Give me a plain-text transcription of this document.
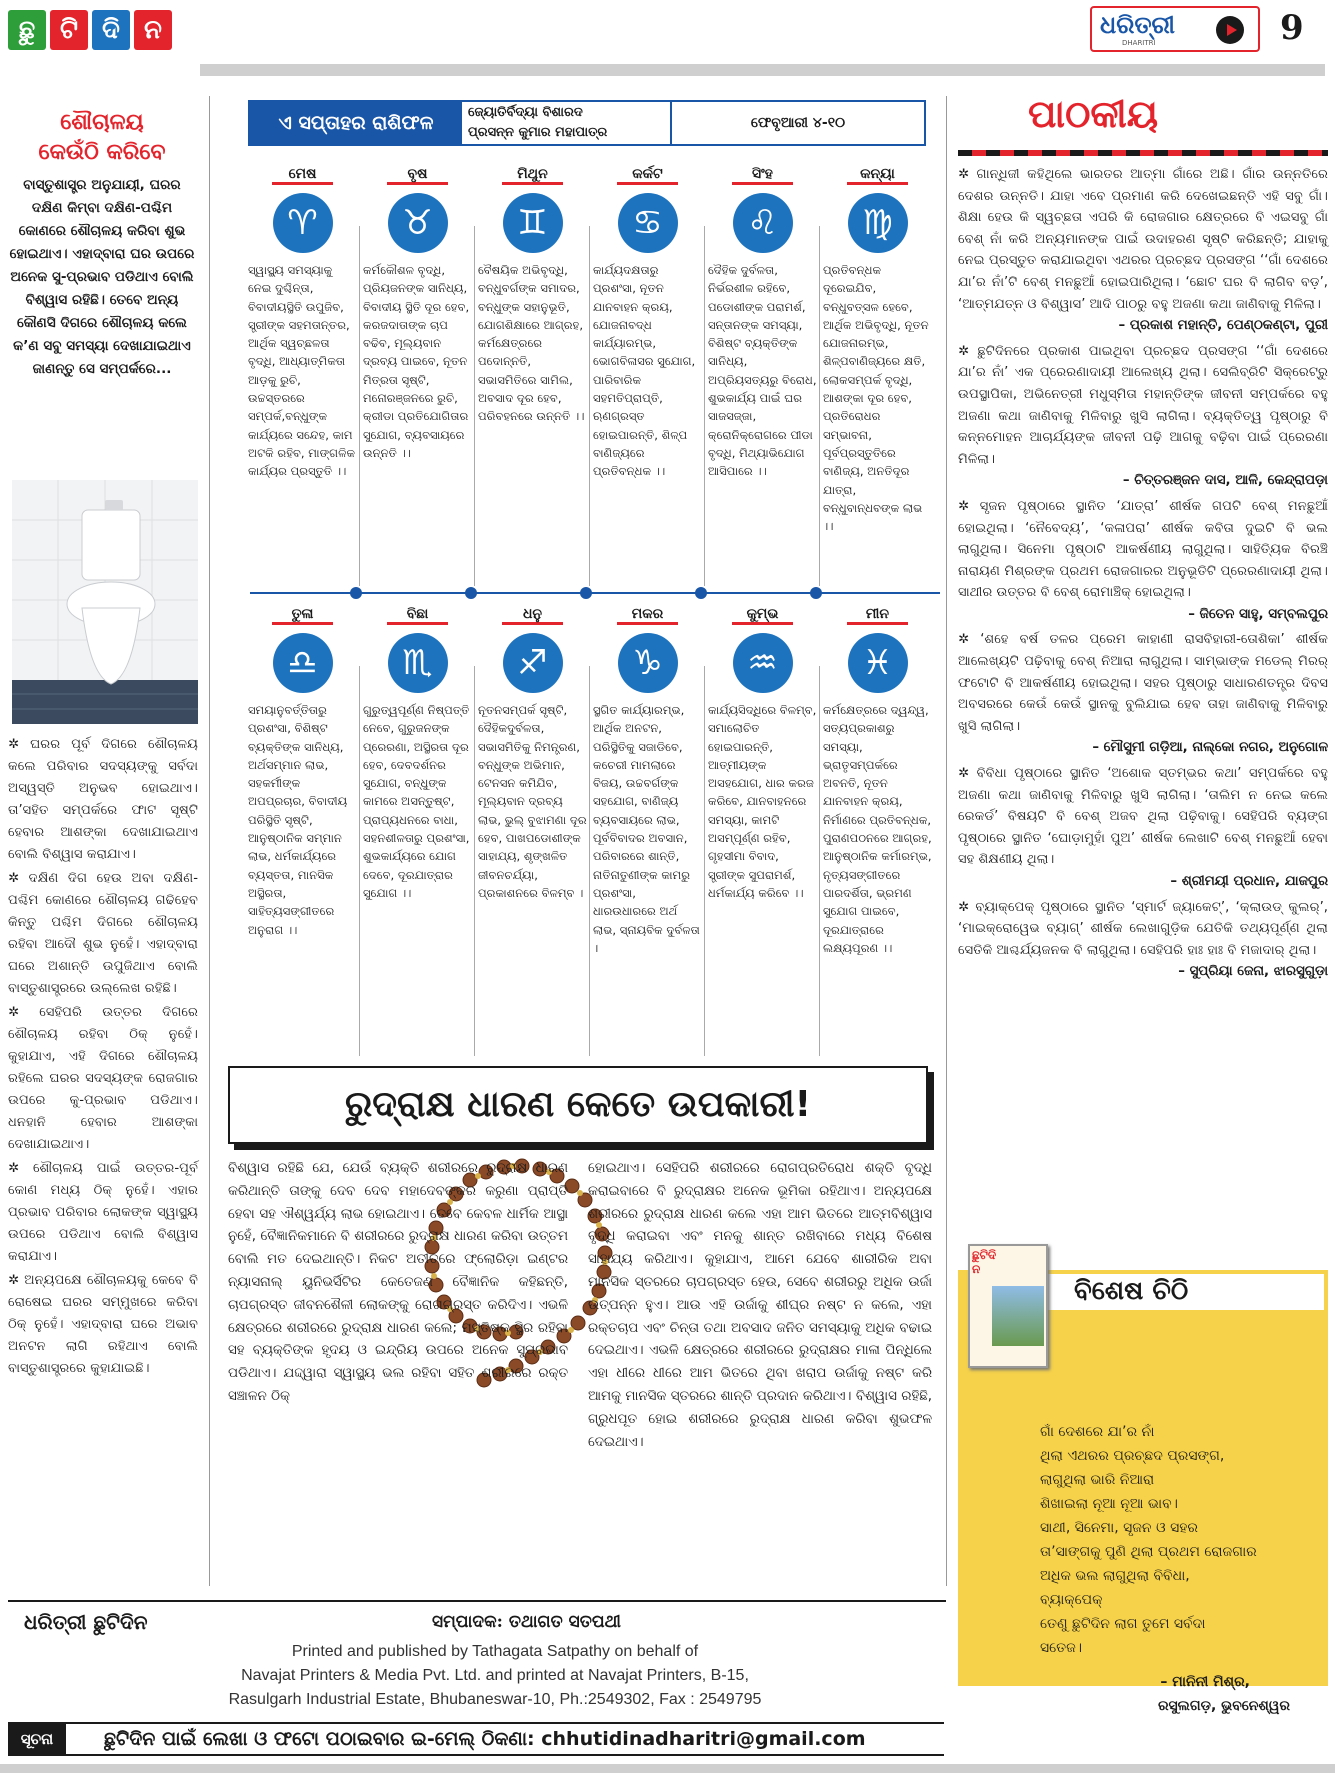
ଛୁ ଟି ଦି ନ	ଧରିତ୍ରୀ
DHARITRI	9
ଶୌଚାଳୟ
କେଉଁଠି କରିବେ
ବାସ୍ତୁଶାସ୍ତ୍ର ଅନୁଯାୟୀ, ଘରର ଦକ୍ଷିଣ କିମ୍ବା ଦକ୍ଷିଣ-ପଶ୍ଚିମ କୋଣରେ ଶୌଚାଳୟ କରିବା ଶୁଭ ହୋଇଥାଏ। ଏହାଦ୍ବାରା ଘର ଉପରେ ଅନେକ ସୁ-ପ୍ରଭାବ ପଡିଥାଏ ବୋଲି ବିଶ୍ୱାସ ରହିଛି। ତେବେ ଅନ୍ୟ କୌଣସି ଦିଗରେ ଶୌଚାଳୟ କଲେ କ’ଣ ସବୁ ସମସ୍ୟା ଦେଖାଯାଇଥାଏ ଜାଣନ୍ତୁ ସେ ସମ୍ପର୍କରେ...

✲ ଘରର ପୂର୍ବ ଦିଗରେ ଶୌଚାଳୟ କଲେ ପରିବାର ସଦସ୍ୟଙ୍କୁ ସର୍ବଦା ଅସ୍ୱସ୍ତି ଅନୁଭବ ହୋଇଥାଏ। ତା’ସହିତ ସମ୍ପର୍କରେ ଫାଟ ସୃଷ୍ଟି ହେବାର ଆଶଙ୍କା ଦେଖାଯାଇଥାଏ ବୋଲି ବିଶ୍ୱାସ କରାଯାଏ।

✲ ଦକ୍ଷିଣ ଦିଗ ହେଉ ଅବା ଦକ୍ଷିଣ-ପଶ୍ଚିମ କୋଣରେ ଶୌଚାଳୟ ଗଢିହେବ କିନ୍ତୁ ପଶ୍ଚିମ ଦିଗରେ ଶୌଚାଳୟ ରହିବା ଆଦୌ ଶୁଭ ନୁହେଁ। ଏହାଦ୍ବାରା ଘରେ ଅଶାନ୍ତି ଉପୁଜିଥାଏ ବୋଲି ବାସ୍ତୁଶାସ୍ତ୍ରରେ ଉଲ୍ଲେଖ ରହିଛି।

✲ ସେହିପରି ଉତ୍ତର ଦିଗରେ ଶୌଚାଳୟ ରହିବା ଠିକ୍ ନୁହେଁ। କୁହାଯାଏ, ଏହି ଦିଗରେ ଶୌଚାଳୟ ରହିଲେ ଘରର ସଦସ୍ୟଙ୍କ ରୋଜଗାର ଉପରେ କୁ-ପ୍ରଭାବ ପଡିଥାଏ। ଧନହାନି ହେବାର ଆଶଙ୍କା ଦେଖାଯାଇଥାଏ।

✲ ଶୌଚାଳୟ ପାଇଁ ଉତ୍ତର-ପୂର୍ବ କୋଣ ମଧ୍ୟ ଠିକ୍ ନୁହେଁ। ଏହାର ପ୍ରଭାବ ପରିବାର ଲୋକଙ୍କ ସ୍ୱାସ୍ଥ୍ୟ ଉପରେ ପଡିଥାଏ ବୋଲି ବିଶ୍ୱାସ କରାଯାଏ।

✲ ଅନ୍ୟପକ୍ଷେ ଶୌଚାଳୟକୁ କେବେ ବି ରୋଷେଇ ଘରର ସମ୍ମୁଖରେ କରିବା ଠିକ୍ ନୁହେଁ। ଏହାଦ୍ବାରା ଘରେ ଅଭାବ ଅନଟନ ଲାଗି ରହିଥାଏ ବୋଲି ବାସ୍ତୁଶାସ୍ତ୍ରରେ କୁହାଯାଇଛି।

ଏ ସପ୍ତାହର ରାଶିଫଳ	ଜ୍ୟୋତିର୍ବିଦ୍ୟା ବିଶାରଦ
ପ୍ରସନ୍ନ କୁମାର ମହାପାତ୍ର
ଫେବୃଆରୀ ୪-୧୦
ରୁଦ୍ରାକ୍ଷ ଧାରଣ କେତେ ଉପକାରୀ!
ବିଶ୍ୱାସ ରହିଛି ଯେ, ଯେଉଁ ବ୍ୟକ୍ତି ଶରୀରରେ ରୁଦ୍ରାକ୍ଷ ଧାରଣ କରିଥାନ୍ତି ତାଙ୍କୁ ଦେବ ଦେବ ମହାଦେବଙ୍କର କରୁଣା ପ୍ରାପ୍ତି ହେବା ସହ ଐଶ୍ୱର୍ଯ୍ୟ ଲାଭ ହୋଇଥାଏ। ତେବେ କେବଳ ଧାର୍ମିକ ଆସ୍ଥା ନୁହେଁ, ବୈଜ୍ଞାନିକମାନେ ବି ଶରୀରରେ ରୁଦ୍ରାକ୍ଷ ଧାରଣ କରିବା ଉତ୍ତମ ବୋଲି ମତ ଦେଇଥାନ୍ତି। ନିକଟ ଅତୀତରେ ଫ୍ଲୋରିଡ଼ା ଇଣ୍ଟର ନ୍ୟାସନାଲ୍ ୟୁନିଭର୍ସିଟିର କେତେଜଣ ବୈଜ୍ଞାନିକ କହିଛନ୍ତି, ଚାପଗ୍ରସ୍ତ ଜୀବନଶୈଳୀ ଲୋକଙ୍କୁ ରୋଗଗ୍ରସ୍ତ କରିଦିଏ। ଏଭଳି କ୍ଷେତ୍ରରେ ଶରୀରରେ ରୁଦ୍ରାକ୍ଷ ଧାରଣ କଲେ; ମସ୍ତିଷ୍କ ସ୍ଥିର ରହିବା ସହ ବ୍ୟକ୍ତିଙ୍କ ହୃଦୟ ଓ ଇନ୍ଦ୍ରିୟ ଉପରେ ଅନେକ ସୁପ୍ରଭାବ ପଡିଥାଏ। ଯଦ୍ଦ୍ୱାରା ସ୍ୱାସ୍ଥ୍ୟ ଭଲ ରହିବା ସହିତ ଶରୀରରେ ରକ୍ତ ସଞ୍ଚାଳନ ଠିକ୍
ହୋଇଥାଏ। ସେହିପରି ଶରୀରରେ ରୋଗପ୍ରତିରୋଧ ଶକ୍ତି ବୃଦ୍ଧି କରାଇବାରେ ବି ରୁଦ୍ରାକ୍ଷର ଅନେକ ଭୂମିକା ରହିଥାଏ। ଅନ୍ୟପକ୍ଷେ ଶରୀରରେ ରୁଦ୍ରାକ୍ଷ ଧାରଣ କଲେ ଏହା ଆମ ଭିତରେ ଆତ୍ମବିଶ୍ୱାସ ବୃଦ୍ଧି କରାଇବା ଏବଂ ମନକୁ ଶାନ୍ତ ରଖିବାରେ ମଧ୍ୟ ବିଶେଷ ସାହାଯ୍ୟ କରିଥାଏ। କୁହାଯାଏ, ଆମେ ଯେବେ ଶାରୀରିକ ଅବା ମାନସିକ ସ୍ତରରେ ଚାପଗ୍ରସ୍ତ ହେଉ, ସେବେ ଶରୀରରୁ ଅଧିକ ଉର୍ଜା ଉତ୍ପନ୍ନ ହୁଏ। ଆଉ ଏହି ଉର୍ଜାକୁ ଶୀଘ୍ର ନଷ୍ଟ ନ କଲେ, ଏହା ରକ୍ତଚାପ ଏବଂ ଚିନ୍ତା ତଥା ଅବସାଦ ଜନିତ ସମସ୍ୟାକୁ ଅଧିକ ବଢାଇ ଦେଇଥାଏ। ଏଭଳି କ୍ଷେତ୍ରରେ ଶରୀରରେ ରୁଦ୍ରାକ୍ଷର ମାଳା ପିନ୍ଧିଲେ ଏହା ଧୀରେ ଧୀରେ ଆମ ଭିତରେ ଥିବା ଖରାପ ଉର୍ଜାକୁ ନଷ୍ଟ କରି ଆମକୁ ମାନସିକ ସ୍ତରରେ ଶାନ୍ତି ପ୍ରଦାନ କରିଥାଏ। ବିଶ୍ୱାସ ରହିଛି, ଗ୍ରୁଧପୂତ ହୋଇ ଶରୀରରେ ରୁଦ୍ରାକ୍ଷ ଧାରଣ କରିବା ଶୁଭଫଳ ଦେଇଥାଏ।
ପାଠକୀୟ

✲ ଗାନ୍ଧିଜୀ କହିଥିଲେ ଭାରତର ଆତ୍ମା ଗାଁରେ ଅଛି। ଗାଁର ଉନ୍ନତିରେ ଦେଶର ଉନ୍ନତି। ଯାହା ଏବେ ପ୍ରମାଣ କରି ଦେଖେଇଛନ୍ତି ଏହି ସବୁ ଗାଁ। ଶିକ୍ଷା ହେଉ କି ସ୍ୱଚ୍ଛତା ଏପରି କି ରୋଜଗାର କ୍ଷେତ୍ରରେ ବି ଏଇସବୁ ଗାଁ ବେଶ୍ ନାଁ କରି ଅନ୍ୟମାନଙ୍କ ପାଇଁ ଉଦାହରଣ ସୃଷ୍ଟି କରିଛନ୍ତି; ଯାହାକୁ ନେଇ ପ୍ରସ୍ତୁତ କରାଯାଇଥିବା ଏଥରର ପ୍ରଚ୍ଛଦ ପ୍ରସଙ୍ଗ ‘‘ଗାଁ ଦେଶରେ ଯା’ର ନାଁ’ଟି ବେଶ୍ ମନଛୁଆଁ ହୋଇପାରିଥିଲା। ‘ଛୋଟ ଘର ବି ଲାଗିବ ବଡ଼’, ‘ଆତ୍ମଯତ୍ନ ଓ ବିଶ୍ୱାସ’ ଆଦି ପାଠରୁ ବହୁ ଅଜଣା କଥା ଜାଣିବାକୁ ମିଳିଲା।

– ପ୍ରକାଶ ମହାନ୍ତି, ପେଣ୍ଠକଣ୍ଟା, ପୁରୀ

✲ ଛୁଟିଦିନରେ ପ୍ରକାଶ ପାଇଥିବା ପ୍ରଚ୍ଛଦ ପ୍ରସଙ୍ଗ ‘‘ଗାଁ ଦେଶରେ ଯା’ର ନାଁ’ ଏକ ପ୍ରେରଣାଦାୟୀ ଆଲେଖ୍ୟ ଥିଲା। ସେଲିବ୍ରିଟି ସିକ୍ରେଟ୍‌ରୁ ଉପସ୍ଥାପିକା, ଅଭିନେତ୍ରୀ ମଧୁସ୍ମିତା ମହାନ୍ତିଙ୍କ ଜୀବନୀ ସମ୍ପର୍କରେ ବହୁ ଅଜଣା କଥା ଜାଣିବାକୁ ମିଳିବାରୁ ଖୁସି ଲାଗିଲା। ବ୍ୟକ୍ତିତ୍ୱ ପୃଷ୍ଠାରୁ ବି କନ୍ନମୋହନ ଆଚାର୍ଯ୍ୟଙ୍କ ଜୀବନୀ ପଢ଼ି ଆଗକୁ ବଢ଼ିବା ପାଇଁ ପ୍ରେରଣା ମିଳିଲା।

– ଚିତ୍ତରଞ୍ଜନ ଦାସ, ଆଳି, କେନ୍ଦ୍ରାପଡ଼ା

✲ ସୃଜନ ପୃଷ୍ଠାରେ ସ୍ଥାନିତ ‘ଯାତ୍ରା’ ଶୀର୍ଷକ ଗପଟି ବେଶ୍ ମନଛୁଆଁ ହୋଇଥିଲା। ‘ନୈବେଦ୍ୟ’, ‘କଳାପରା’ ଶୀର୍ଷକ କବିତା ଦୁଇଟି ବି ଭଲ ଲାଗୁଥିଲା। ସିନେମା ପୃଷ୍ଠାଟି ଆକର୍ଷଣୀୟ ଲାଗୁଥିଲା। ସାହିତ୍ୟିକ ବିରଞ୍ଚି ନାରାୟଣ ମିଶ୍ରଙ୍କ ପ୍ରଥମ ରୋଜଗାରର ଅନୁଭୂତିଟି ପ୍ରେରଣାଦାୟୀ ଥିଲା। ସାଥୀର ଉତ୍ତର ବି ବେଶ୍ ରୋମାଞ୍ଚିକ୍ ହୋଇଥିଲା।

– ଜିତେନ ସାହୁ, ସମ୍ବଲପୁର

✲ ‘ଶହେ ବର୍ଷ ତଳର ପ୍ରେମ କାହାଣୀ ରାସବିହାରୀ-ତୋଶିକା’ ଶୀର୍ଷକ ଆଲେଖ୍ୟଟି ପଢ଼ିବାକୁ ବେଶ୍ ନିଆରା ଲାଗୁଥିଲା। ସାମ୍ଭାଙ୍କ ମଡେଲ୍ ମିରର୍ ଫଟୋଟି ବି ଆକର୍ଷଣୀୟ ହୋଇଥିଲା। ସହର ପୃଷ୍ଠାରୁ ସାଧାରଣତନ୍ତ୍ର ଦିବସ ଅବସରରେ କେଉଁ କେଉଁ ସ୍ଥାନକୁ ବୁଲିଯାଇ ହେବ ତାହା ଜାଣିବାକୁ ମିଳିବାରୁ ଖୁସି ଲାଗିଲା।

– ମୌସୁମୀ ଗଡ଼ିଆ, ନାଲ୍‌କୋ ନଗର, ଅନୁଗୋଳ

✲ ବିବିଧା ପୃଷ୍ଠାରେ ସ୍ଥାନିତ ‘ଅଶୋକ ସ୍ତମ୍ଭର କଥା’ ସମ୍ପର୍କରେ ବହୁ ଅଜଣା କଥା ଜାଣିବାକୁ ମିଳିବାରୁ ଖୁସି ଲାଗିଲା। ‘ତାଲିମ ନ ନେଇ କଲେ ରେକର୍ଡ’ ବିଷୟଟି ବି ବେଶ୍ ଅଜବ ଥିଲା ପଢ଼ିବାକୁ। ସେହିପରି ବ୍ୟଙ୍ଗ ପୃଷ୍ଠାରେ ସ୍ଥାନିତ ‘ଘୋଡ଼ାମୁହାଁ ପୁଅ’ ଶୀର୍ଷକ ଲେଖାଟି ବେଶ୍ ମନଛୁଆଁ ହେବା ସହ ଶିକ୍ଷଣୀୟ ଥିଲା।

– ଶ୍ରୀମୟୀ ପ୍ରଧାନ, ଯାଜପୁର

✲ ବ୍ୟାକ୍‌ପେକ୍ ପୃଷ୍ଠାରେ ସ୍ଥାନିତ ‘ସ୍ମାର୍ଟ ଜ୍ୟାକେଟ୍’, ‘କ୍ଲାଉଡ୍ କୁଲର୍’, ‘ମାଇକ୍ରୋୱେଭ ବ୍ୟାଗ୍’ ଶୀର୍ଷକ ଲେଖାଗୁଡ଼ିକ ଯେତିକି ତଥ୍ୟପୂର୍ଣ୍ଣ ଥିଲା ସେତିକି ଆଶ୍ଚର୍ଯ୍ୟଜନକ ବି ଲାଗୁଥିଲା। ସେହିପରି ହାଃ ହାଃ ବି ମଜାଦାର୍ ଥିଲା।

– ସୁପ୍ରିୟା ଜେନା, ଝାରସୁଗୁଡ଼ା
ବିଶେଷ ଚିଠି
ଛୁଟିଦିନ
ଗାଁ ଦେଶରେ ଯା’ର ନାଁ
ଥିଲା ଏଥରର ପ୍ରଚ୍ଛଦ ପ୍ରସଙ୍ଗ,
ଲାଗୁଥିଲା ଭାରି ନିଆରା
ଶିଖାଇଲା ନୂଆ ନୂଆ ଭାବ।
ସାଥୀ, ସିନେମା, ସୃଜନ ଓ ସହର
ତା’ସାଙ୍ଗକୁ ପୁଣି ଥିଲା ପ୍ରଥମ ରୋଜଗାର
ଅଧିକ ଭଲ ଲାଗୁଥିଲା ବିବିଧା,
ବ୍ୟାକ୍‌ପେକ୍
ତେଣୁ ଛୁଟିଦିନ ଲାଗ ତୁମେ ସର୍ବଦା
ସତେଜ।
– ମାନିନୀ ମିଶ୍ର,
ରସୁଲଗଡ଼, ଭୁବନେଶ୍ୱର
ଧରିତ୍ରୀ ଛୁଟିଦିନ	ସମ୍ପାଦକ: ତଥାଗତ ସତପଥୀ
Printed and published by Tathagata Satpathy on behalf of
Navajat Printers & Media Pvt. Ltd. and printed at Navajat Printers, B-15,
Rasulgarh Industrial Estate, Bhubaneswar-10, Ph.:2549302, Fax : 2549795
ସୂଚନା	ଛୁଟିଦିନ ପାଇଁ ଲେଖା ଓ ଫଟୋ ପଠାଇବାର ଇ-ମେଲ୍ ଠିକଣା: chhutidinadharitri@gmail.com
ମେଷ
♈
ସ୍ୱାସ୍ଥ୍ୟ ସମସ୍ୟାକୁ ନେଇ ଦୁଶ୍ଚିନ୍ତା, ବିବାଦୀୟସ୍ଥିତି ଉପୁଜିବ, ସ୍ତ୍ରୀଙ୍କ ସହମତାନ୍ତର, ଆର୍ଥିକ ସ୍ୱଚ୍ଛଳତା ବୃଦ୍ଧି, ଆଧ୍ୟାତ୍ମିକତା ଆଡ଼କୁ ରୁଚି, ଉଚ୍ଚସ୍ତରରେ ସମ୍ପର୍କ,ବନ୍ଧୁଙ୍କ କାର୍ଯ୍ୟରେ ସନ୍ଦେହ, କାମ ଅଟକି ରହିବ, ମାଙ୍ଗଳିକ କାର୍ଯ୍ୟର ପ୍ରସ୍ତୁତି ।।
ବୃଷ
♉
କର୍ମକୌଶଳ ବୃଦ୍ଧି, ପ୍ରିୟଜନଙ୍କ ସାନିଧ୍ୟ, ବିବାଦୀୟ ସ୍ଥିତି ଦୂର ହେବ, କରଜଦାତାଙ୍କ ଚାପ ବଢିବ, ମୂଲ୍ୟବାନ ଦ୍ରବ୍ୟ ପାଇବେ, ନୂତନ ମିତ୍ରତା ସୃଷ୍ଟି, ମନୋରଞ୍ଜନରେ ରୁଚି, କ୍ରୀଡା ପ୍ରତିଯୋଗିତାର ସୁଯୋଗ, ବ୍ୟବସାୟରେ ଉନ୍ନତି ।।
ମିଥୁନ
♊
ବୈଷୟିକ ଅଭିବୃଦ୍ଧି, ବନ୍ଧୁବର୍ଗଙ୍କ ସମାଦର, ବନ୍ଧୁଙ୍କ ସହାନୁଭୂତି, ଯୋଗଶିକ୍ଷାରେ ଆଗ୍ରହ, କର୍ମକ୍ଷେତ୍ରରେ ପଦୋନ୍ନତି, ସଭାସମିତିରେ ସାମିଲ, ଅବସାଦ ଦୂର ହେବ, ପରିବହନରେ ଉନ୍ନତି ।।
କର୍କଟ
♋
କାର୍ଯ୍ୟଦକ୍ଷତାରୁ ପ୍ରଶଂସା, ନୂତନ ଯାନବାହନ କ୍ରୟ, ଯୋଜନାବଦ୍ଧ କାର୍ଯ୍ୟାରମ୍ଭ, ଭୋଗବିଳାସର ସୁଯୋଗ, ପାରିବାରିକ ସହମତିପ୍ରାପ୍ତି, ଋଣଗ୍ରସ୍ତ ହୋଇପାରନ୍ତି, ଶିଳ୍ପ ବାଣିଜ୍ୟରେ ପ୍ରତିବନ୍ଧକ ।।
ସିଂହ
♌
ଦୈହିକ ଦୁର୍ବଳତା, ନିର୍ଭରଶୀଳ ରହିବେ, ପଡୋଶୀଙ୍କ ପରାମର୍ଶ, ସନ୍ତାନଙ୍କ ସମସ୍ୟା, ବିଶିଷ୍ଟ ବ୍ୟକ୍ତିଙ୍କ ସାନିଧ୍ୟ, ଅପ୍ରିୟସତ୍ୟରୁ ବିରୋଧ, ଶୁଭକାର୍ଯ୍ୟ ପାଇଁ ଘର ସାଜସଜ୍ଜା, କ୍ରୋନିକ୍ରୋଗରେ ପୀଡା ବୃଦ୍ଧି, ମିଥ୍ୟାଭିଯୋଗ ଆସିପାରେ ।।
କନ୍ୟା
♍
ପ୍ରତିବନ୍ଧକ ଦୂରେଇଯିବ, ବନ୍ଧୁବତ୍ସଳ ହେବେ, ଆର୍ଥିକ ଅଭିବୃଦ୍ଧି, ନୂତନ ଯୋଜନାରମ୍ଭ, ଶିଳ୍ପବାଣିଜ୍ୟରେ କ୍ଷତି, ଲୋକସମ୍ପର୍କ ବୃଦ୍ଧି, ଆଶଙ୍କା ଦୂର ହେବ, ପ୍ରତିରୋଧର ସମ୍ଭାବନା, ପୂର୍ବପ୍ରସ୍ତୁତିରେ ବାଣିଜ୍ୟ, ଅନତିଦୂର ଯାତ୍ରା, ବନ୍ଧୁବାନ୍ଧବଙ୍କ ଲାଭ ।।
ତୁଳା
♎
ସମୟାନୁବର୍ତ୍ତିତାରୁ ପ୍ରଶଂସା, ବିଶିଷ୍ଟ ବ୍ୟକ୍ତିଙ୍କ ସାନିଧ୍ୟ, ଅର୍ଥସମ୍ମାନ ଲାଭ, ସହକର୍ମୀଙ୍କ ଅପପ୍ରଚାର, ବିବାଦୀୟ ପରିସ୍ଥିତି ସୃଷ୍ଟି, ଆନୁଷ୍ଠାନିକ ସମ୍ମାନ ଲାଭ, ଧର୍ମକାର୍ଯ୍ୟରେ ବ୍ୟସ୍ତତା, ମାନସିକ ଅସ୍ଥିରତା, ସାହିତ୍ୟସଙ୍ଗୀତରେ ଅନୁରାଗ ।।
ବିଛା
♏
ଗୁରୁତ୍ୱପୂର୍ଣ୍ଣ ନିଷ୍ପତ୍ତି ନେବେ, ଗୁରୁଜନଙ୍କ ପ୍ରେରଣା, ଅସ୍ଥିରତା ଦୂର ହେବ, ଦେବଦର୍ଶନର ସୁଯୋଗ, ବନ୍ଧୁଙ୍କ କାମରେ ଅସନ୍ତୁଷ୍ଟ, ପ୍ରାପ୍ୟଧନରେ ବାଧା, ସହନଶୀଳତାରୁ ପ୍ରଶଂସା, ଶୁଭକାର୍ଯ୍ୟରେ ଯୋଗ ଦେବେ, ଦୂରଯାତ୍ରାର ସୁଯୋଗ ।।
ଧନୁ
♐
ନୂତନସମ୍ପର୍କ ସୃଷ୍ଟି, ଦୈହିକଦୁର୍ବଳତା, ସଭାସମିତିକୁ ନିମନ୍ତ୍ରଣ, ବନ୍ଧୁଙ୍କ ଅଭିମାନ, ଟେନସନ କମିଯିବ, ମୂଲ୍ୟବାନ ଦ୍ରବ୍ୟ ଲାଭ, ଭୁଲ୍ ବୁଝାମଣା ଦୂର ହେବ, ପାଖପଡୋଶୀଙ୍କ ସାହାଯ୍ୟ, ଶୃଙ୍ଖଳିତ ଜୀବନଚର୍ଯ୍ୟା, ପ୍ରକାଶନରେ ବିଳମ୍ବ ।
ମକର
♑
ସ୍ଥଗିତ କାର୍ଯ୍ୟାରମ୍ଭ, ଆର୍ଥିକ ଅନଟନ, ପରିସ୍ଥିତିକୁ ସଜାଡିବେ, କଚେରୀ ମାମଲାରେ ବିଜୟ, ଉଚ୍ଚବର୍ଗଙ୍କ ସହଯୋଗ, ବାଣିଜ୍ୟ ବ୍ୟବସାୟରେ ଲାଭ, ପୂର୍ବବିବାଦର ଅବସାନ, ପରିବାରରେ ଶାନ୍ତି, ନାତିନାତୁଣୀଙ୍କ କାମରୁ ପ୍ରଶଂସା, ଧାରଉଧାରରେ ଅର୍ଥ ଲାଭ, ସ୍ନାୟବିକ ଦୁର୍ବଳତା ।
କୁମ୍ଭ
♒
କାର୍ଯ୍ୟସିଦ୍ଧିରେ ବିଳମ୍ବ, ସମାଲୋଚିତ ହୋଇପାରନ୍ତି, ଆତ୍ମୀୟଙ୍କ ଅସହଯୋଗ, ଧାର କରଜ କରିବେ, ଯାନବାହନରେ ସମସ୍ୟା, କାମଟି ଅସମ୍ପୂର୍ଣ୍ଣ ରହିବ, ଗୃହସୀମା ବିବାଦ, ସ୍ତ୍ରୀଙ୍କ ସୁପରାମର୍ଶ, ଧର୍ମକାର୍ଯ୍ୟ କରିବେ ।।
ମୀନ
♓
କର୍ମକ୍ଷେତ୍ରରେ ଦ୍ୱନ୍ଦ୍ୱ, ସତ୍ୟପ୍ରକାଶରୁ ସମସ୍ୟା, ଭ୍ରାତୃସମ୍ପର୍କରେ ଅବନତି, ନୂତନ ଯାନବାହନ କ୍ରୟ, ନିର୍ମାଣରେ ପ୍ରତିବନ୍ଧକ, ପୁରାଣପଠନରେ ଆଗ୍ରହ, ଆନୁଷ୍ଠାନିକ କର୍ମାରମ୍ଭ, ନୃତ୍ୟସଙ୍ଗୀତରେ ପାରଦର୍ଶିତା, ଭ୍ରମଣ ସୁଯୋଗ ପାଇବେ, ଦୂରଯାତ୍ରାରେ ଲକ୍ଷ୍ୟପୂରଣ ।।
